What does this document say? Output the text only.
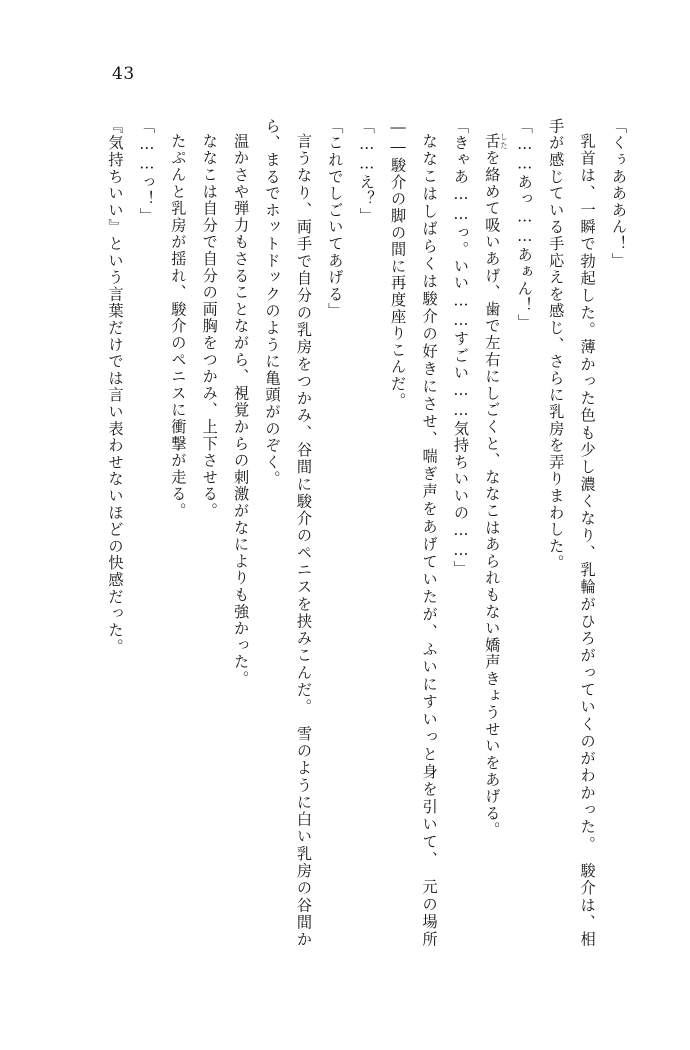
43

「くぅあああん！」

乳首は、一瞬で勃起した。薄かった色も少し濃くなり、乳輪がひろがっていくのがわかった。　駿介は、相手が感じている手応えを感じ、さらに乳房を弄りまわした。

「……あっ……あぁん！」

舌したを絡めて吸いあげ、歯で左右にしごくと、ななこはあられもない嬌声きょうせいをあげる。

「きゃあ……っ。いい……すごい……気持ちいいの……」

ななこはしばらくは駿介の好きにさせ、喘ぎ声をあげていたが、ふいにすいっと身を引いて、　元の場所――駿介の脚の間に再度座りこんだ。

「……え？」

「これでしごいてあげる」

言うなり、両手で自分の乳房をつかみ、谷間に駿介のペニスを挟みこんだ。　雪のように白い乳房の谷間から、まるでホットドックのように亀頭がのぞく。

温かさや弾力もさることながら、視覚からの刺激がなによりも強かった。

ななこは自分で自分の両胸をつかみ、上下させる。

たぷんと乳房が揺れ、駿介のペニスに衝撃が走る。

「……っ！」

『気持ちいい』という言葉だけでは言い表わせないほどの快感だった。
